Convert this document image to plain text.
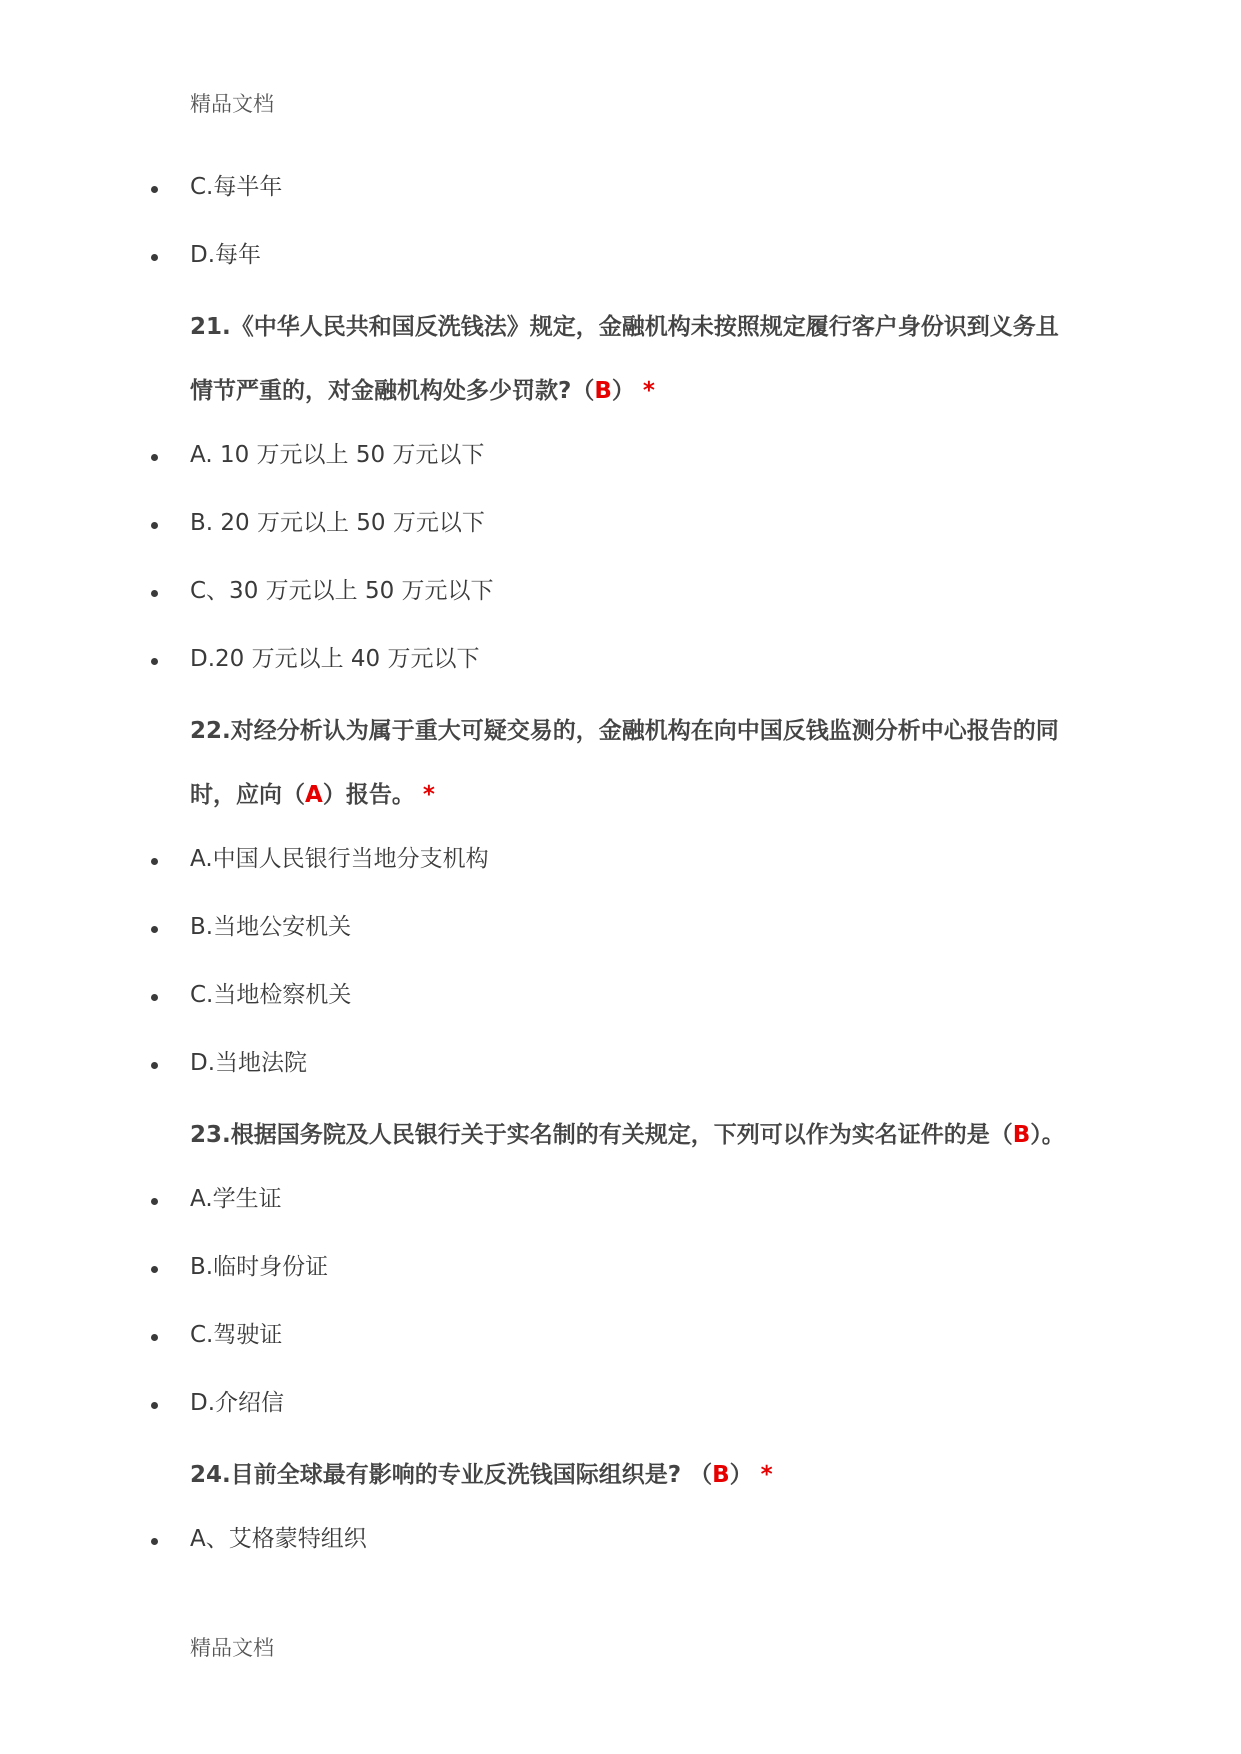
精品文档
C.每半年
D.每年
21.《中华人民共和国反洗钱法》规定，金融机构未按照规定履行客户身份识到义务且情节严重的，对金融机构处多少罚款?（B） *
A. 10 万元以上 50 万元以下
B. 20 万元以上 50 万元以下
C、30 万元以上 50 万元以下
D.20 万元以上 40 万元以下
22.对经分析认为属于重大可疑交易的，金融机构在向中国反钱监测分析中心报告的同时，应向（A）报告。 *
A.中国人民银行当地分支机构
B.当地公安机关
C.当地检察机关
D.当地法院
23.根据国务院及人民银行关于实名制的有关规定，下列可以作为实名证件的是（B）。
A.学生证
B.临时身份证
C.驾驶证
D.介绍信
24.目前全球最有影响的专业反洗钱国际组织是? （B） *
A、艾格蒙特组织
精品文档
